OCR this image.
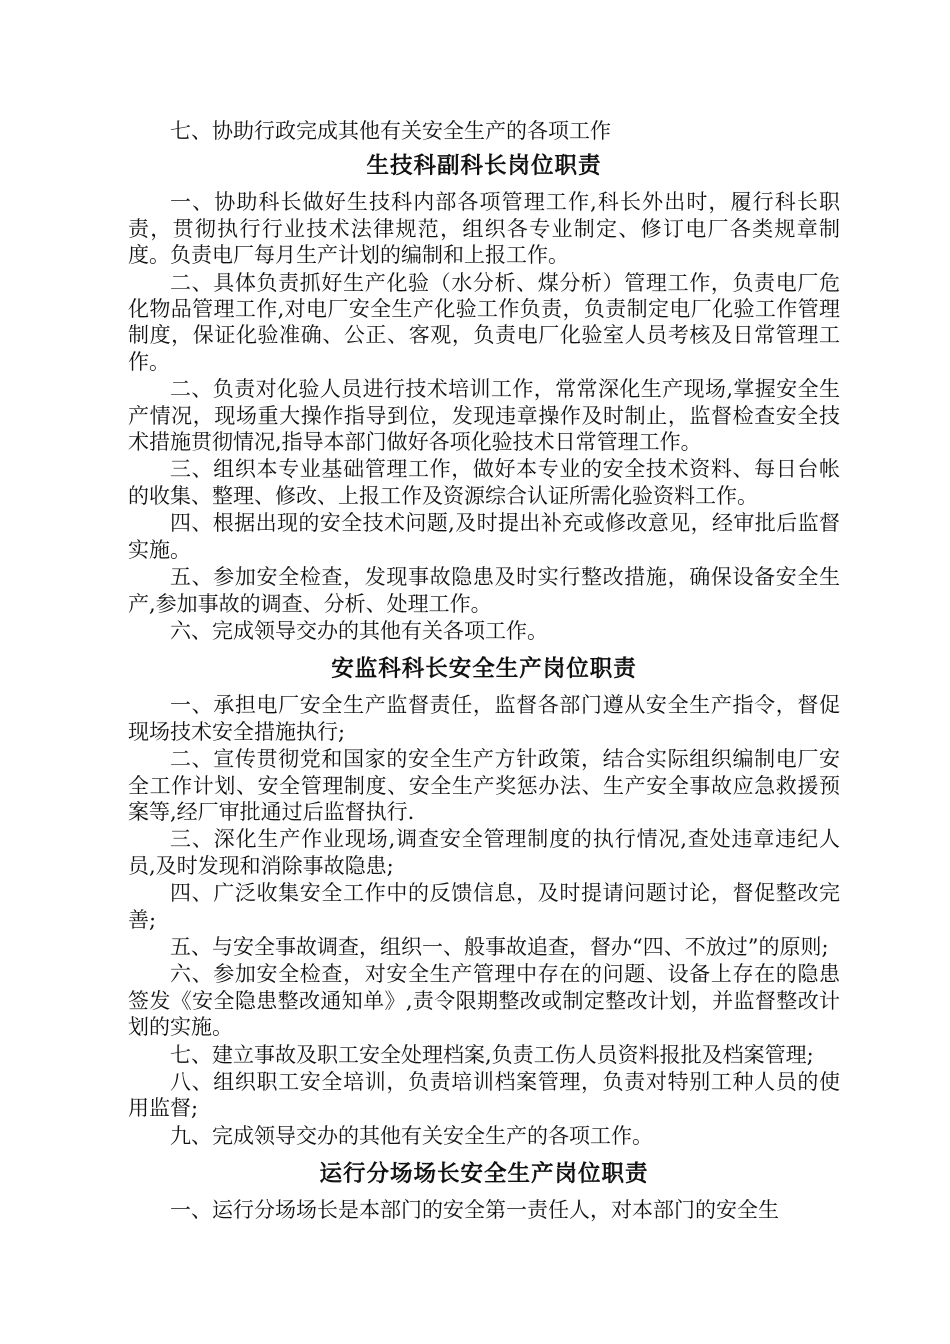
七、协助行政完成其他有关安全生产的各项工作

生技科副科长岗位职责

一、协助科长做好生技科内部各项管理工作,科长外出时，履行科长职责，贯彻执行行业技术法律规范，组织各专业制定、修订电厂各类规章制度。负责电厂每月生产计划的编制和上报工作。

二、具体负责抓好生产化验（水分析、煤分析）管理工作，负责电厂危化物品管理工作,对电厂安全生产化验工作负责，负责制定电厂化验工作管理制度，保证化验准确、公正、客观，负责电厂化验室人员考核及日常管理工作。

二、负责对化验人员进行技术培训工作，常常深化生产现场,掌握安全生产情况，现场重大操作指导到位，发现违章操作及时制止，监督检查安全技术措施贯彻情况,指导本部门做好各项化验技术日常管理工作。

三、组织本专业基础管理工作，做好本专业的安全技术资料、每日台帐的收集、整理、修改、上报工作及资源综合认证所需化验资料工作。

四、根据出现的安全技术问题,及时提出补充或修改意见，经审批后监督实施。

五、参加安全检查，发现事故隐患及时实行整改措施，确保设备安全生产,参加事故的调查、分析、处理工作。

六、完成领导交办的其他有关各项工作。

安监科科长安全生产岗位职责

一、承担电厂安全生产监督责任，监督各部门遵从安全生产指令，督促现场技术安全措施执行;

二、宣传贯彻党和国家的安全生产方针政策，结合实际组织编制电厂安全工作计划、安全管理制度、安全生产奖惩办法、生产安全事故应急救援预案等,经厂审批通过后监督执行.

三、深化生产作业现场,调查安全管理制度的执行情况,查处违章违纪人员,及时发现和消除事故隐患;

四、广泛收集安全工作中的反馈信息，及时提请问题讨论，督促整改完善;

五、与安全事故调查，组织一、般事故追查，督办“四、不放过”的原则;

六、参加安全检查，对安全生产管理中存在的问题、设备上存在的隐患签发《安全隐患整改通知单》,责令限期整改或制定整改计划，并监督整改计划的实施。

七、建立事故及职工安全处理档案,负责工伤人员资料报批及档案管理;

八、组织职工安全培训，负责培训档案管理，负责对特别工种人员的使用监督;

九、完成领导交办的其他有关安全生产的各项工作。

运行分场场长安全生产岗位职责

一、运行分场场长是本部门的安全第一责任人，对本部门的安全生
